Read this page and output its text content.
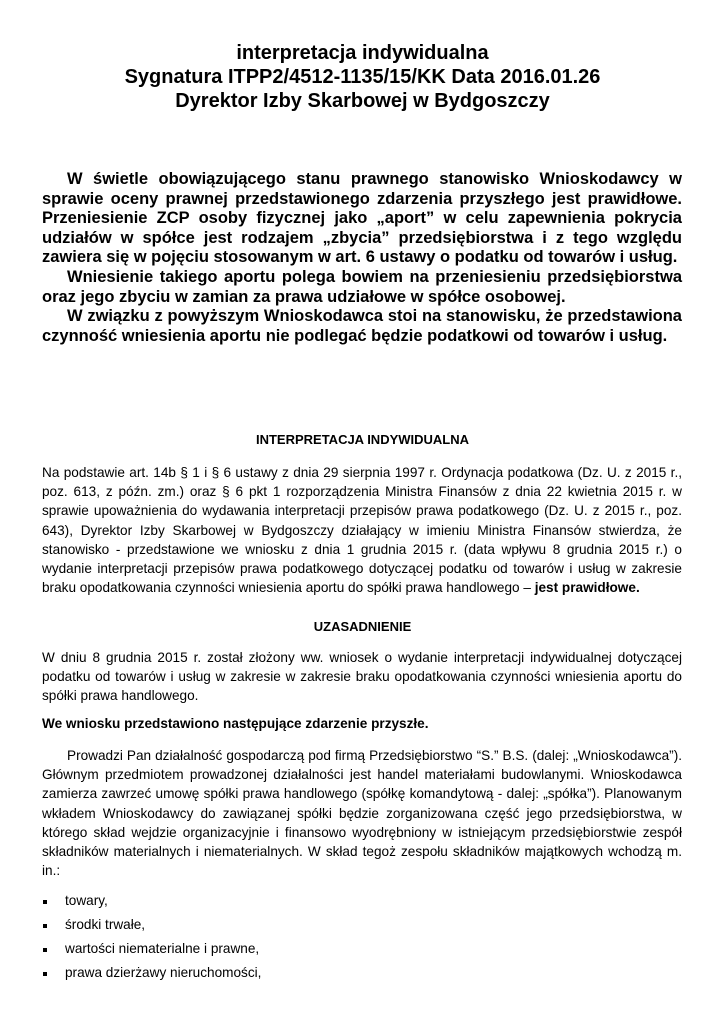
interpretacja indywidualna
Sygnatura ITPP2/4512-1135/15/KK Data 2016.01.26
Dyrektor Izby Skarbowej w Bydgoszczy

W świetle obowiązującego stanu prawnego stanowisko Wnioskodawcy w sprawie oceny prawnej przedstawionego zdarzenia przyszłego jest prawidłowe. Przeniesienie ZCP osoby fizycznej jako „aport” w celu zapewnienia pokrycia udziałów w spółce jest rodzajem „zbycia” przedsiębiorstwa i z tego względu zawiera się w pojęciu stosowanym w art. 6 ustawy o podatku od towarów i usług.

Wniesienie takiego aportu polega bowiem na przeniesieniu przedsiębiorstwa oraz jego zbyciu w zamian za prawa udziałowe w spółce osobowej.

W związku z powyższym Wnioskodawca stoi na stanowisku, że przedstawiona czynność wniesienia aportu nie podlegać będzie podatkowi od towarów i usług.

INTERPRETACJA INDYWIDUALNA

Na podstawie art. 14b § 1 i § 6 ustawy z dnia 29 sierpnia 1997 r. Ordynacja podatkowa (Dz. U. z 2015 r., poz. 613, z późn. zm.) oraz § 6 pkt 1 rozporządzenia Ministra Finansów z dnia 22 kwietnia 2015 r. w sprawie upoważnienia do wydawania interpretacji przepisów prawa podatkowego (Dz. U. z 2015 r., poz. 643), Dyrektor Izby Skarbowej w Bydgoszczy działający w imieniu Ministra Finansów stwierdza, że stanowisko - przedstawione we wniosku z dnia 1 grudnia 2015 r. (data wpływu 8 grudnia 2015 r.) o wydanie interpretacji przepisów prawa podatkowego dotyczącej podatku od towarów i usług w zakresie braku opodatkowania czynności wniesienia aportu do spółki prawa handlowego – jest prawidłowe.

UZASADNIENIE

W dniu 8 grudnia 2015 r. został złożony ww. wniosek o wydanie interpretacji indywidualnej dotyczącej podatku od towarów i usług w zakresie w zakresie braku opodatkowania czynności wniesienia aportu do spółki prawa handlowego.

We wniosku przedstawiono następujące zdarzenie przyszłe.

Prowadzi Pan działalność gospodarczą pod firmą Przedsiębiorstwo “S.” B.S. (dalej: „Wnioskodawca”). Głównym przedmiotem prowadzonej działalności jest handel materiałami budowlanymi. Wnioskodawca zamierza zawrzeć umowę spółki prawa handlowego (spółkę komandytową - dalej: „spółka”). Planowanym wkładem Wnioskodawcy do zawiązanej spółki będzie zorganizowana część jego przedsiębiorstwa, w którego skład wejdzie organizacyjnie i finansowo wyodrębniony w istniejącym przedsiębiorstwie zespół składników materialnych i niematerialnych. W skład tegoż zespołu składników majątkowych wchodzą m. in.:

towary,
środki trwałe,
wartości niematerialne i prawne,
prawa dzierżawy nieruchomości,
